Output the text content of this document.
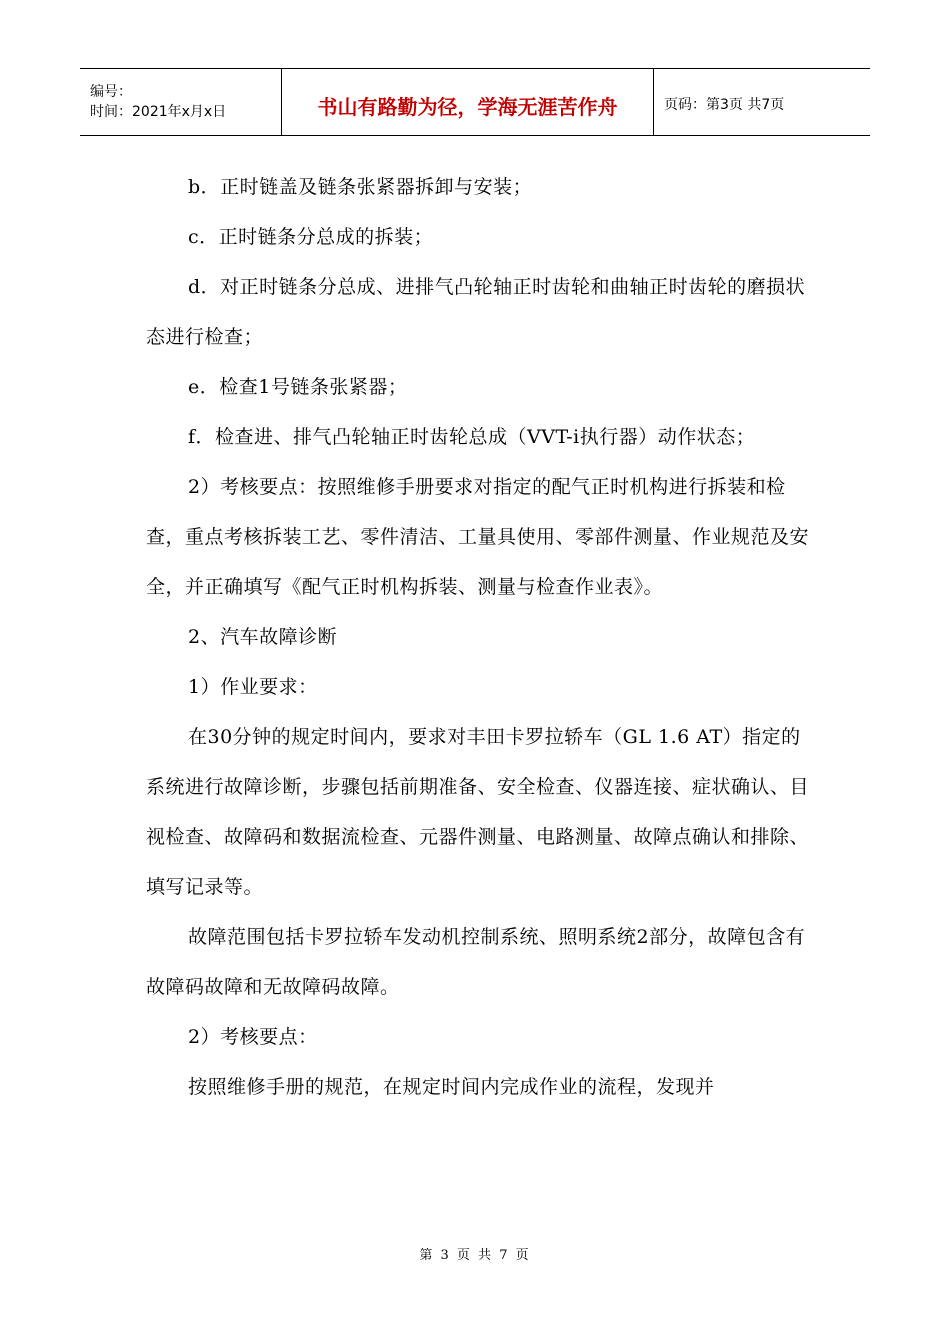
编号：
时间：2021年x月x日	书山有路勤为径，学海无涯苦作舟	页码：第3页 共7页

b．正时链盖及链条张紧器拆卸与安装；

c．正时链条分总成的拆装；

d．对正时链条分总成、进排气凸轮轴正时齿轮和曲轴正时齿轮的磨损状态进行检查；

e．检查1号链条张紧器；

f．检查进、排气凸轮轴正时齿轮总成（VVT-i执行器）动作状态；

2）考核要点：按照维修手册要求对指定的配气正时机构进行拆装和检查，重点考核拆装工艺、零件清洁、工量具使用、零部件测量、作业规范及安全，并正确填写《配气正时机构拆装、测量与检查作业表》。

2、汽车故障诊断

1）作业要求：

在30分钟的规定时间内，要求对丰田卡罗拉轿车（GL 1.6 AT）指定的系统进行故障诊断，步骤包括前期准备、安全检查、仪器连接、症状确认、目视检查、故障码和数据流检查、元器件测量、电路测量、故障点确认和排除、填写记录等。

故障范围包括卡罗拉轿车发动机控制系统、照明系统2部分，故障包含有故障码故障和无故障码故障。

2）考核要点：

按照维修手册的规范，在规定时间内完成作业的流程，发现并

第 3 页 共 7 页
